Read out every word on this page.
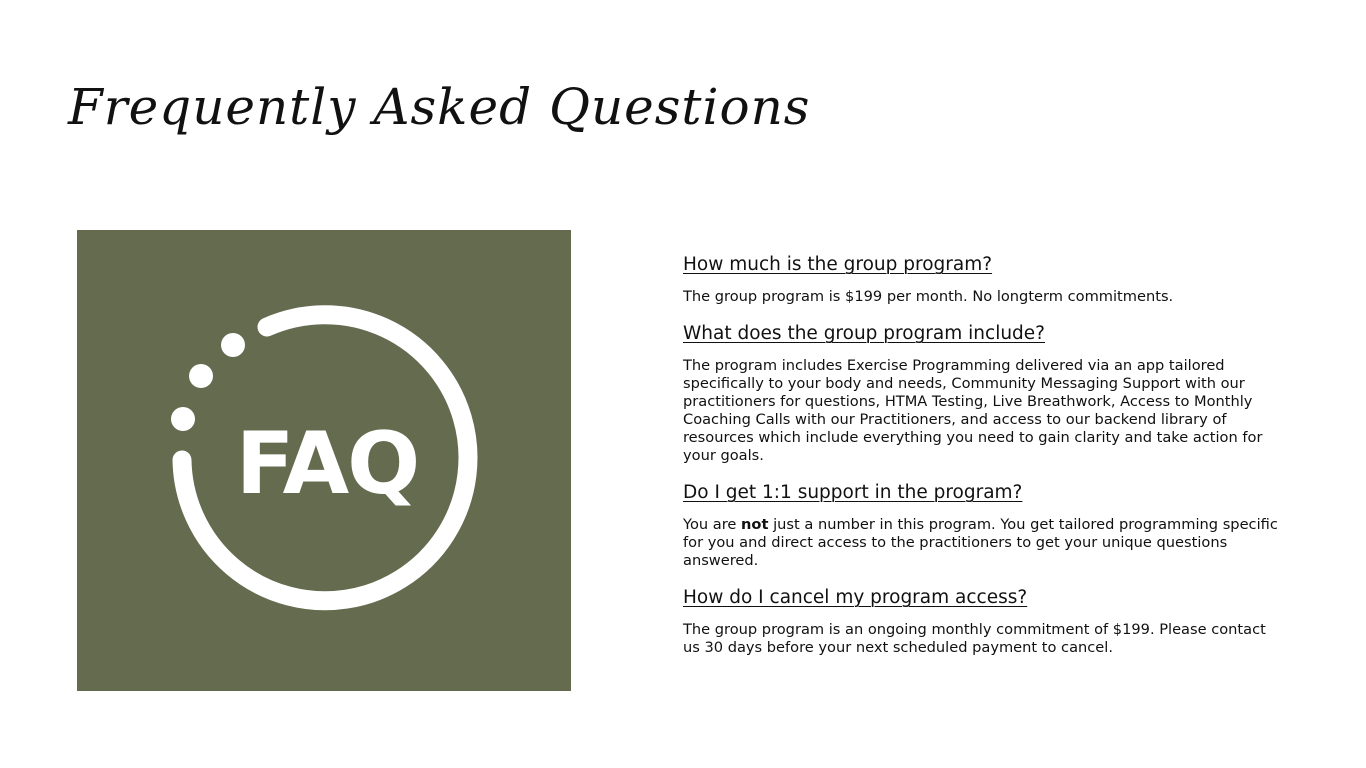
Frequently Asked Questions
FAQ
How much is the group program?

The group program is $199 per month. No longterm commitments.

What does the group program include?

The program includes Exercise Programming delivered via an app tailored specifically to your body and needs, Community Messaging Support with our practitioners for questions, HTMA Testing, Live Breathwork, Access to Monthly Coaching Calls with our Practitioners, and access to our backend library of resources which include everything you need to gain clarity and take action for your goals.

Do I get 1:1 support in the program?

You are not just a number in this program. You get tailored programming specific for you and direct access to the practitioners to get your unique questions answered.

How do I cancel my program access?

The group program is an ongoing monthly commitment of $199. Please contact us 30 days before your next scheduled payment to cancel.
